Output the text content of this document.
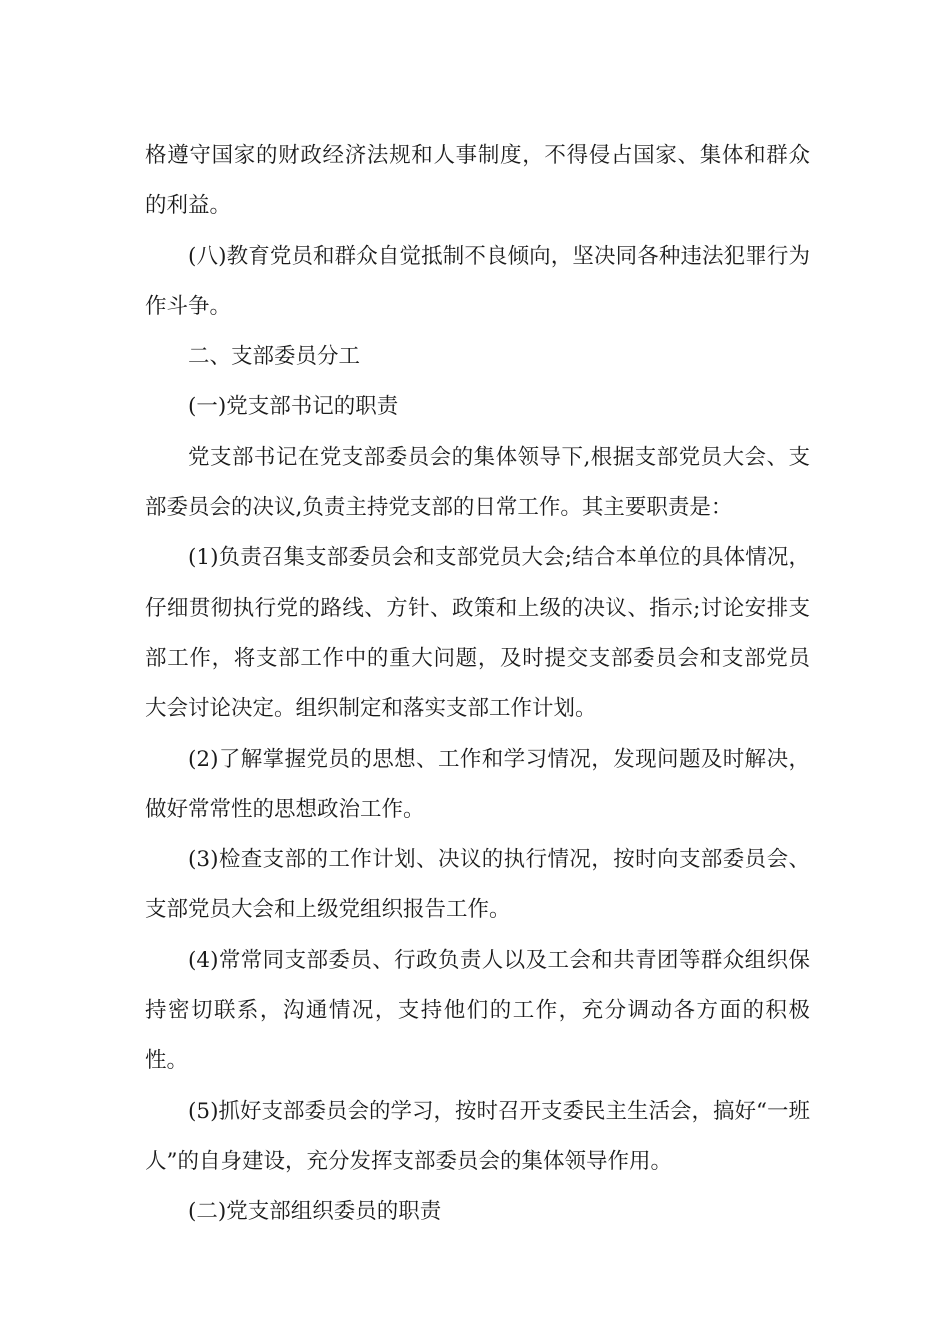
格遵守国家的财政经济法规和人事制度，不得侵占国家、集体和群众的利益。

(八)教育党员和群众自觉抵制不良倾向，坚决同各种违法犯罪行为作斗争。

二、支部委员分工

(一)党支部书记的职责

党支部书记在党支部委员会的集体领导下,根据支部党员大会、支部委员会的决议,负责主持党支部的日常工作。其主要职责是：

(1)负责召集支部委员会和支部党员大会;结合本单位的具体情况，仔细贯彻执行党的路线、方针、政策和上级的决议、指示;讨论安排支部工作，将支部工作中的重大问题，及时提交支部委员会和支部党员大会讨论决定。组织制定和落实支部工作计划。

(2)了解掌握党员的思想、工作和学习情况，发现问题及时解决，做好常常性的思想政治工作。

(3)检查支部的工作计划、决议的执行情况，按时向支部委员会、支部党员大会和上级党组织报告工作。

(4)常常同支部委员、行政负责人以及工会和共青团等群众组织保持密切联系，沟通情况，支持他们的工作，充分调动各方面的积极性。

(5)抓好支部委员会的学习，按时召开支委民主生活会，搞好“一班人”的自身建设，充分发挥支部委员会的集体领导作用。

(二)党支部组织委员的职责
